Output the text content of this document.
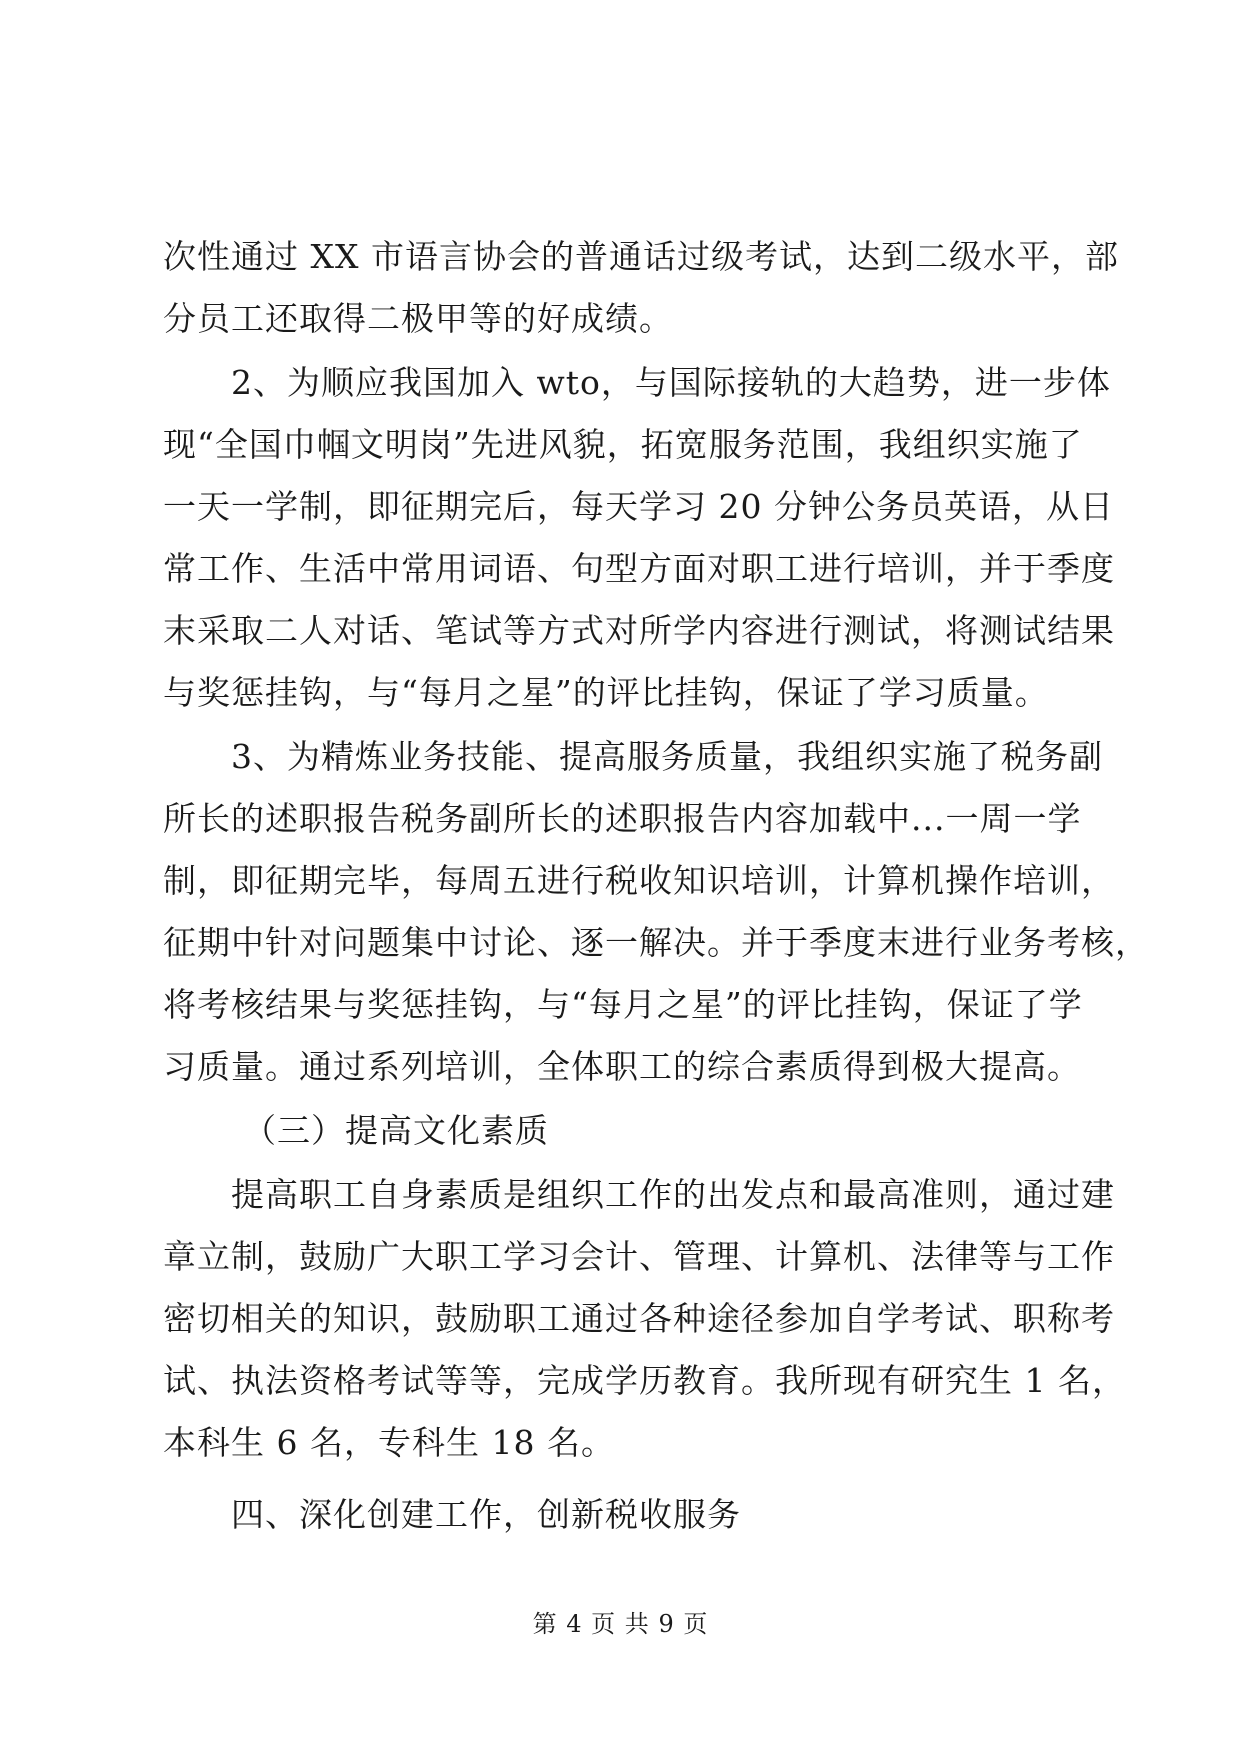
次性通过 XX 市语言协会的普通话过级考试，达到二级水平，部
分员工还取得二极甲等的好成绩。
2、为顺应我国加入 wto，与国际接轨的大趋势，进一步体
现“全国巾帼文明岗”先进风貌，拓宽服务范围，我组织实施了
一天一学制，即征期完后，每天学习 20 分钟公务员英语，从日
常工作、生活中常用词语、句型方面对职工进行培训，并于季度
末采取二人对话、笔试等方式对所学内容进行测试，将测试结果
与奖惩挂钩，与“每月之星”的评比挂钩，保证了学习质量。
3、为精炼业务技能、提高服务质量，我组织实施了税务副
所长的述职报告税务副所长的述职报告内容加载中...一周一学
制，即征期完毕，每周五进行税收知识培训，计算机操作培训，
征期中针对问题集中讨论、逐一解决。并于季度末进行业务考核，
将考核结果与奖惩挂钩，与“每月之星”的评比挂钩，保证了学
习质量。通过系列培训，全体职工的综合素质得到极大提高。
（三）提高文化素质
提高职工自身素质是组织工作的出发点和最高准则，通过建
章立制，鼓励广大职工学习会计、管理、计算机、法律等与工作
密切相关的知识，鼓励职工通过各种途径参加自学考试、职称考
试、执法资格考试等等，完成学历教育。我所现有研究生 1 名，
本科生 6 名，专科生 18 名。
四、深化创建工作，创新税收服务
第 4 页 共 9 页
